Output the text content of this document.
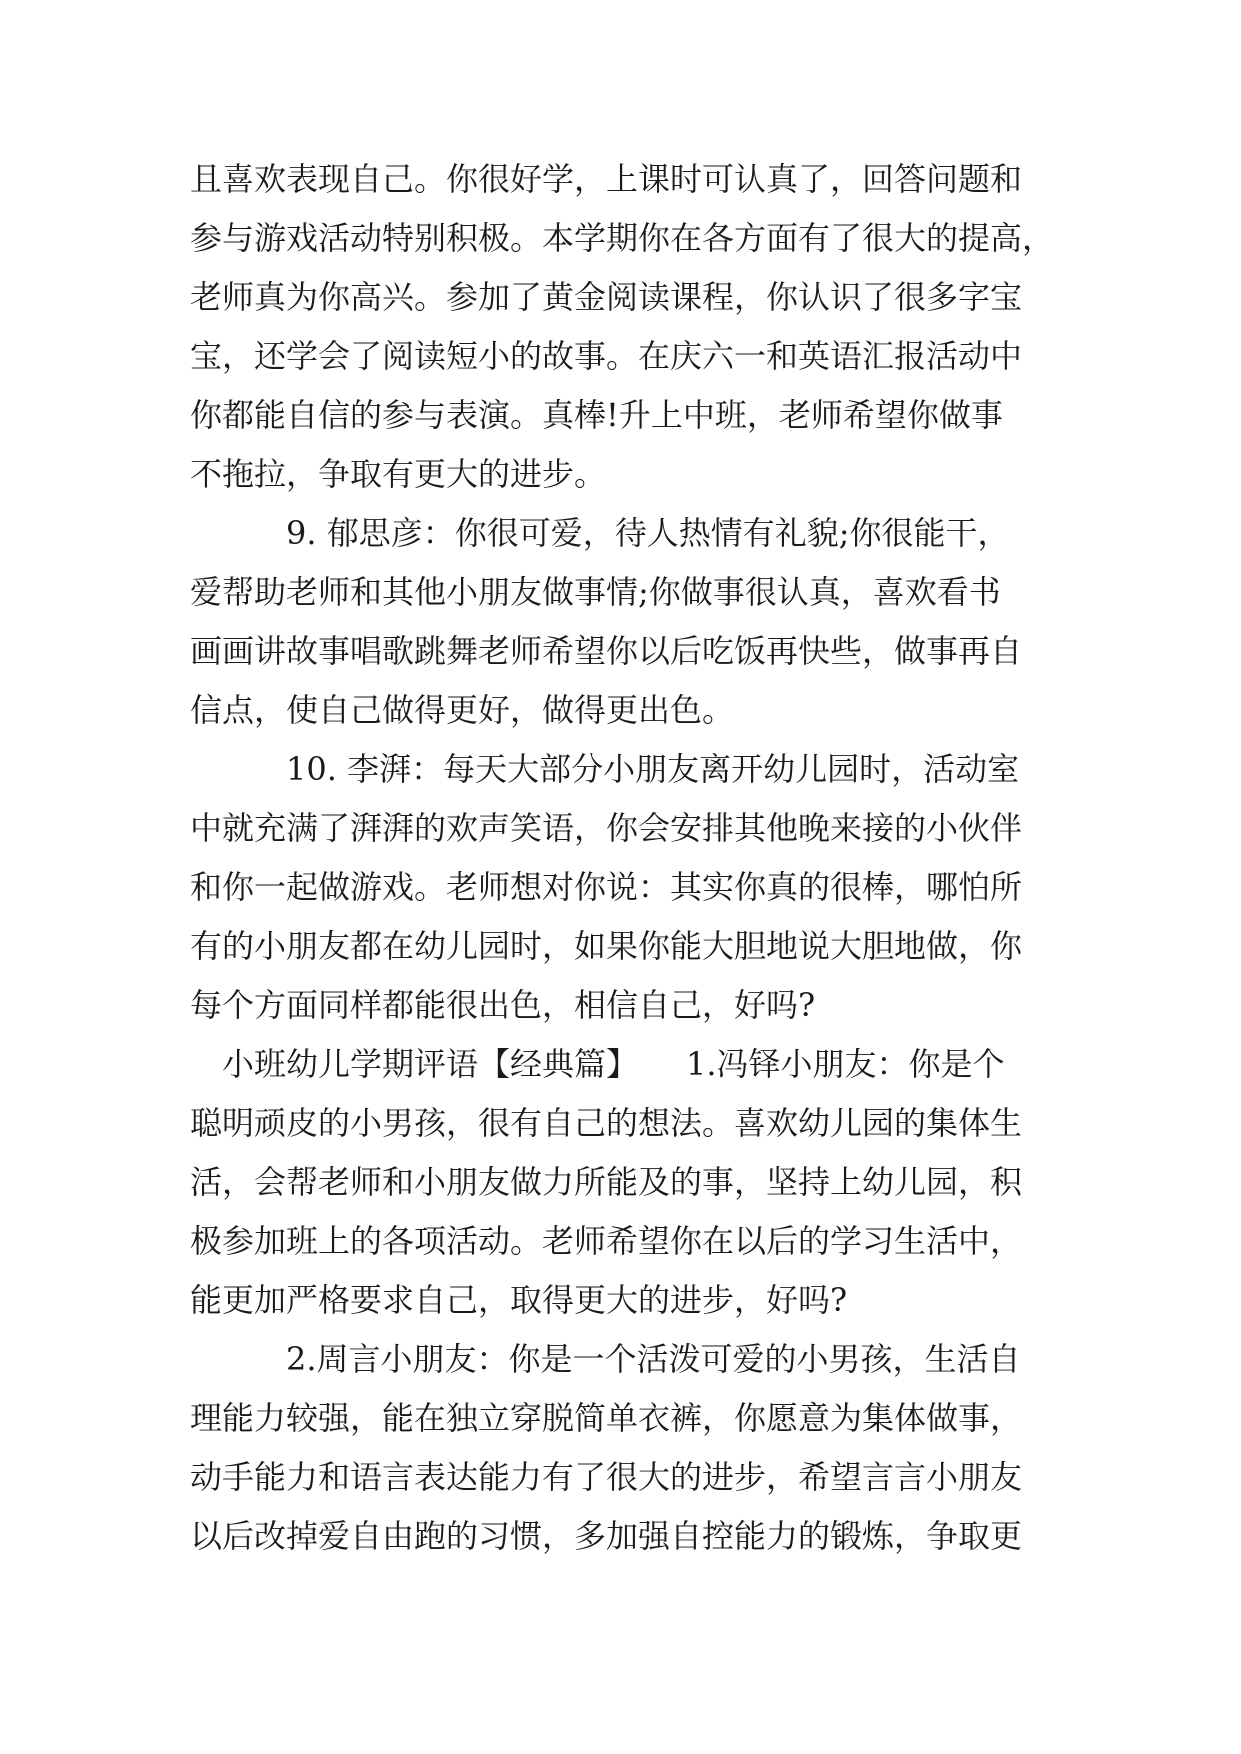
且喜欢表现自己。你很好学，上课时可认真了，回答问题和
参与游戏活动特别积极。本学期你在各方面有了很大的提高，
老师真为你高兴。参加了黄金阅读课程，你认识了很多字宝
宝，还学会了阅读短小的故事。在庆六一和英语汇报活动中
你都能自信的参与表演。真棒!升上中班，老师希望你做事
不拖拉，争取有更大的进步。
9. 郁思彦：你很可爱，待人热情有礼貌;你很能干，
爱帮助老师和其他小朋友做事情;你做事很认真，喜欢看书
画画讲故事唱歌跳舞老师希望你以后吃饭再快些，做事再自
信点，使自己做得更好，做得更出色。
10. 李湃：每天大部分小朋友离开幼儿园时，活动室
中就充满了湃湃的欢声笑语，你会安排其他晚来接的小伙伴
和你一起做游戏。老师想对你说：其实你真的很棒，哪怕所
有的小朋友都在幼儿园时，如果你能大胆地说大胆地做，你
每个方面同样都能很出色，相信自己，好吗?
小班幼儿学期评语【经典篇】　　1.冯铎小朋友：你是个
聪明顽皮的小男孩，很有自己的想法。喜欢幼儿园的集体生
活，会帮老师和小朋友做力所能及的事，坚持上幼儿园，积
极参加班上的各项活动。老师希望你在以后的学习生活中，
能更加严格要求自己，取得更大的进步，好吗?
2.周言小朋友：你是一个活泼可爱的小男孩，生活自
理能力较强，能在独立穿脱简单衣裤，你愿意为集体做事，
动手能力和语言表达能力有了很大的进步，希望言言小朋友
以后改掉爱自由跑的习惯，多加强自控能力的锻炼，争取更
